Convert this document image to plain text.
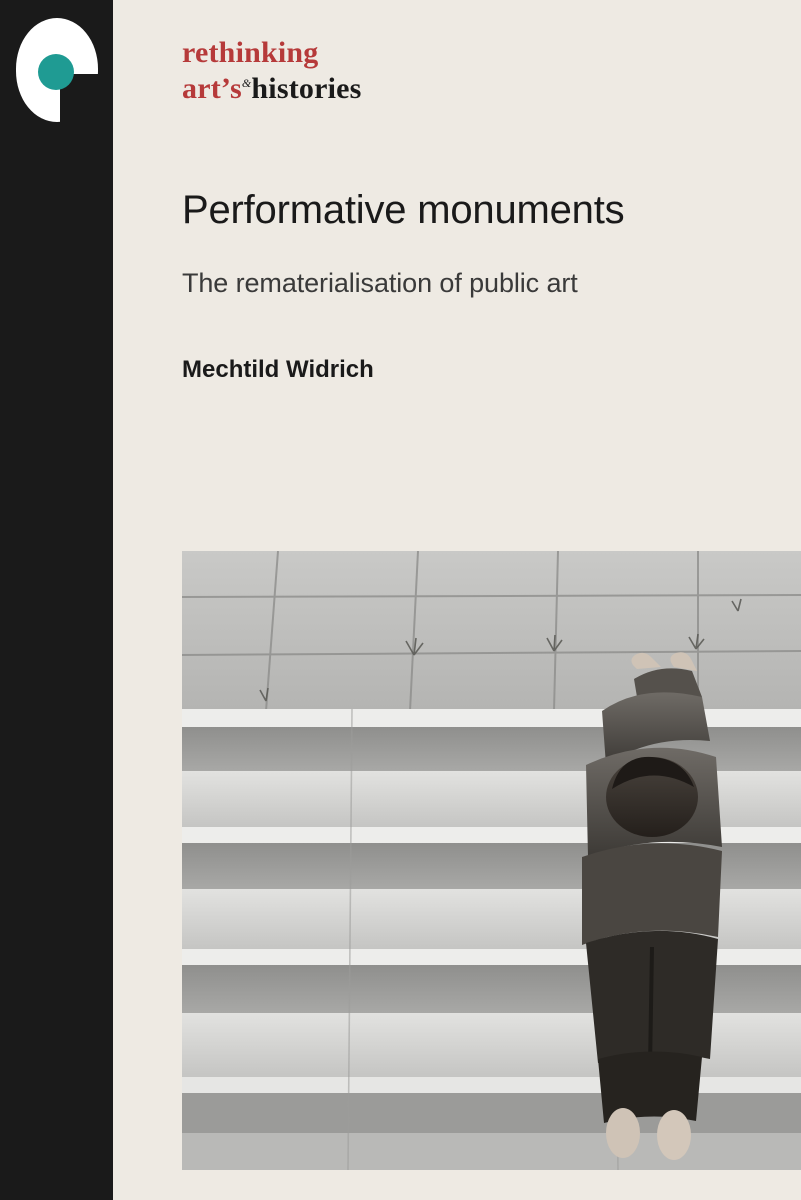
rethinking
art’s&histories
Performative monuments
The rematerialisation of public art
Mechtild Widrich
